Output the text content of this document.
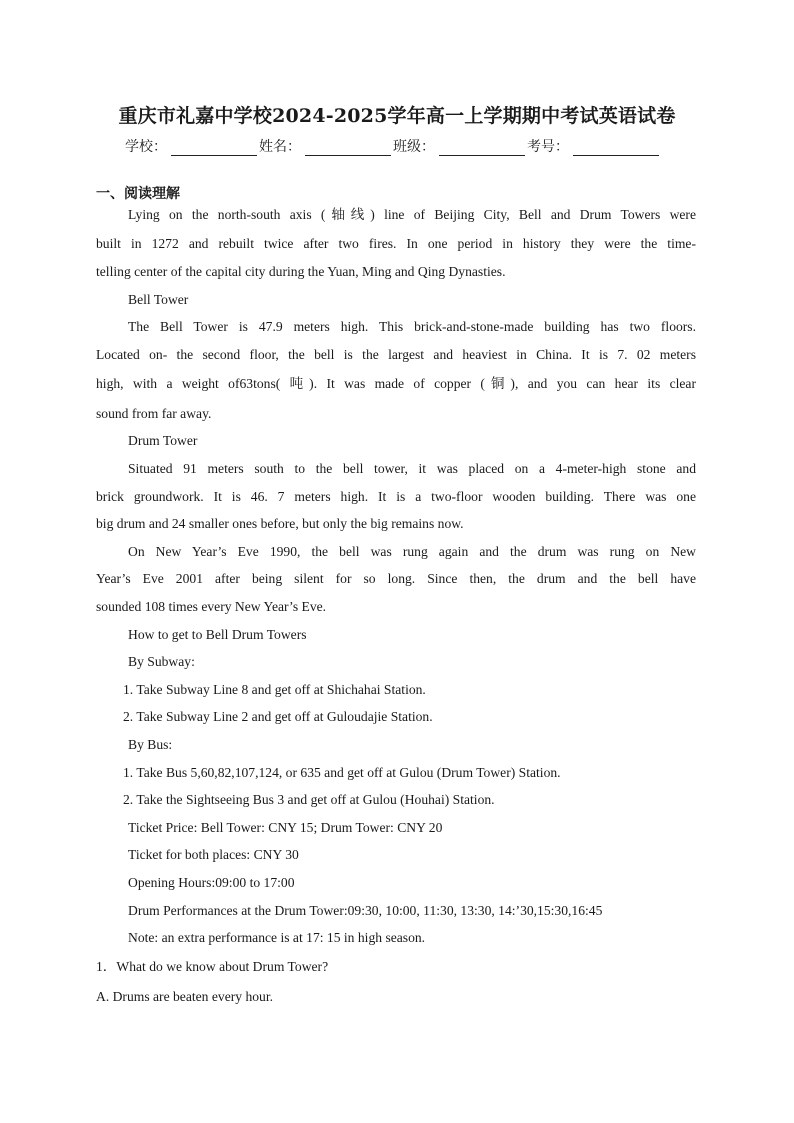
重庆市礼嘉中学校2024-2025学年高一上学期期中考试英语试卷
学校：	姓名：	班级：	考号：
一、阅读理解
Lying on the north-south axis (轴线) line of Beijing City, Bell and Drum Towers were
built in 1272 and rebuilt twice after two fires. In one period in history they were the time-
telling center of the capital city during the Yuan, Ming and Qing Dynasties.
Bell Tower
The Bell Tower is 47.9 meters high. This brick-and-stone-made building has two floors.
Located on- the second floor, the bell is the largest and heaviest in China. It is 7. 02 meters
high, with a weight of63tons( 吨). It was made of copper (铜), and you can hear its clear
sound from far away.
Drum Tower
Situated 91 meters south to the bell tower, it was placed on a 4-meter-high stone and
brick groundwork. It is 46. 7 meters high. It is a two-floor wooden building. There was one
big drum and 24 smaller ones before, but only the big remains now.
On New Year’s Eve 1990, the bell was rung again and the drum was rung on New
Year’s Eve 2001 after being silent for so long. Since then, the drum and the bell have
sounded 108 times every New Year’s Eve.
How to get to Bell Drum Towers
By Subway:
1. Take Subway Line 8 and get off at Shichahai Station.
2. Take Subway Line 2 and get off at Guloudajie Station.
By Bus:
1. Take Bus 5,60,82,107,124, or 635 and get off at Gulou (Drum Tower) Station.
2. Take the Sightseeing Bus 3 and get off at Gulou (Houhai) Station.
Ticket Price: Bell Tower: CNY 15; Drum Tower: CNY 20
Ticket for both places: CNY 30
Opening Hours:09:00 to 17:00
Drum Performances at the Drum Tower:09:30, 10:00, 11:30, 13:30, 14:’30,15:30,16:45
Note: an extra performance is at 17: 15 in high season.
1．What do we know about Drum Tower?
A. Drums are beaten every hour.
